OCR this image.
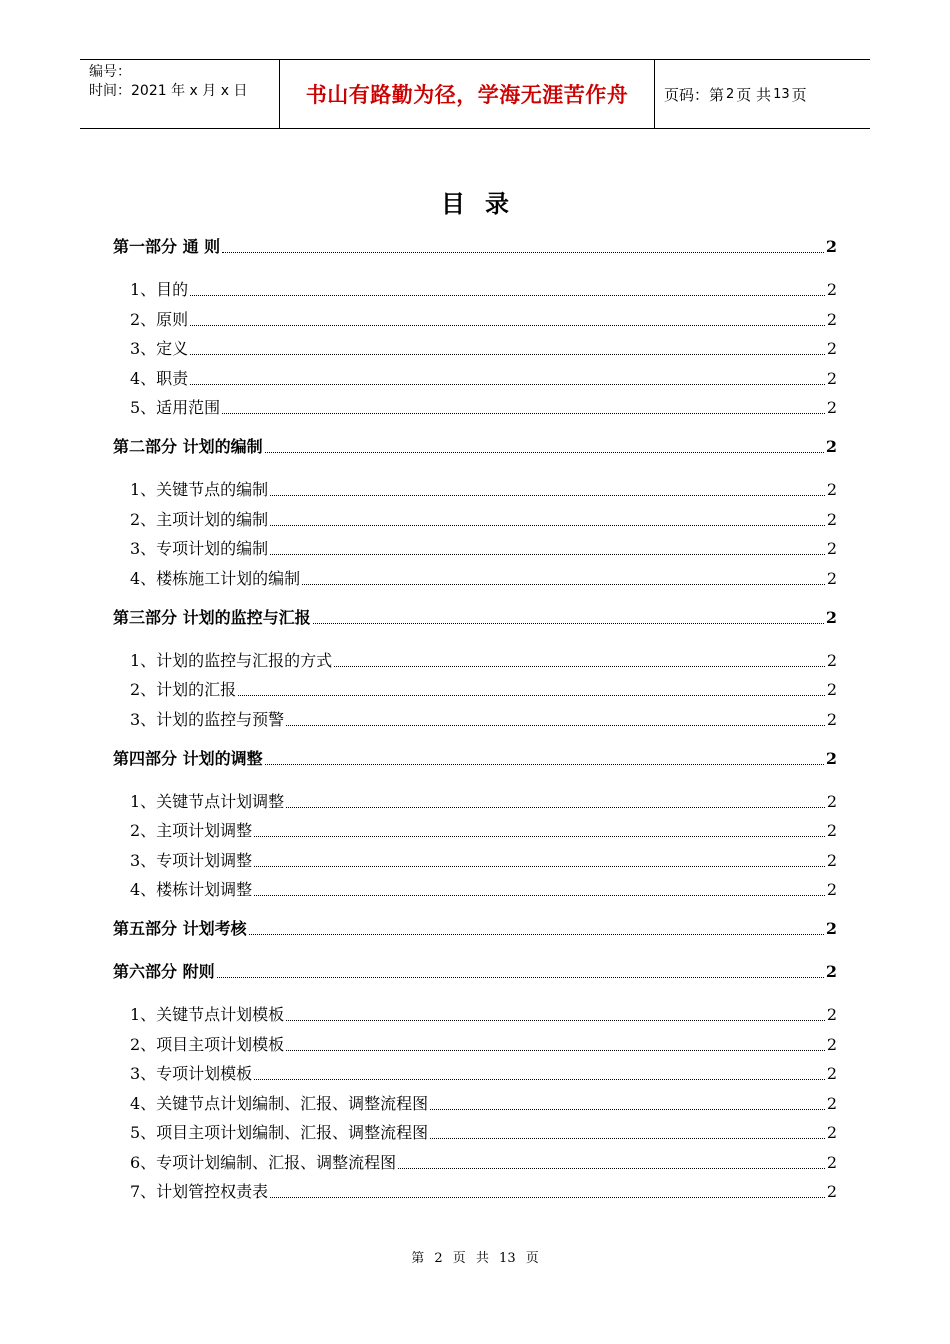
编号：
时间：2021 年 x 月 x 日	书山有路勤为径，学海无涯苦作舟	页码：第 2 页 共 13 页
目录
第一部分 通 则	2
1、目的	2
2、原则	2
3、定义	2
4、职责	2
5、适用范围	2
第二部分 计划的编制	2
1、关键节点的编制	2
2、主项计划的编制	2
3、专项计划的编制	2
4、楼栋施工计划的编制	2
第三部分 计划的监控与汇报	2
1、计划的监控与汇报的方式	2
2、计划的汇报	2
3、计划的监控与预警	2
第四部分 计划的调整	2
1、关键节点计划调整	2
2、主项计划调整	2
3、专项计划调整	2
4、楼栋计划调整	2
第五部分 计划考核	2
第六部分 附则	2
1、关键节点计划模板	2
2、项目主项计划模板	2
3、专项计划模板	2
4、关键节点计划编制、汇报、调整流程图	2
5、项目主项计划编制、汇报、调整流程图	2
6、专项计划编制、汇报、调整流程图	2
7、计划管控权责表	2
第 2 页 共 13 页
